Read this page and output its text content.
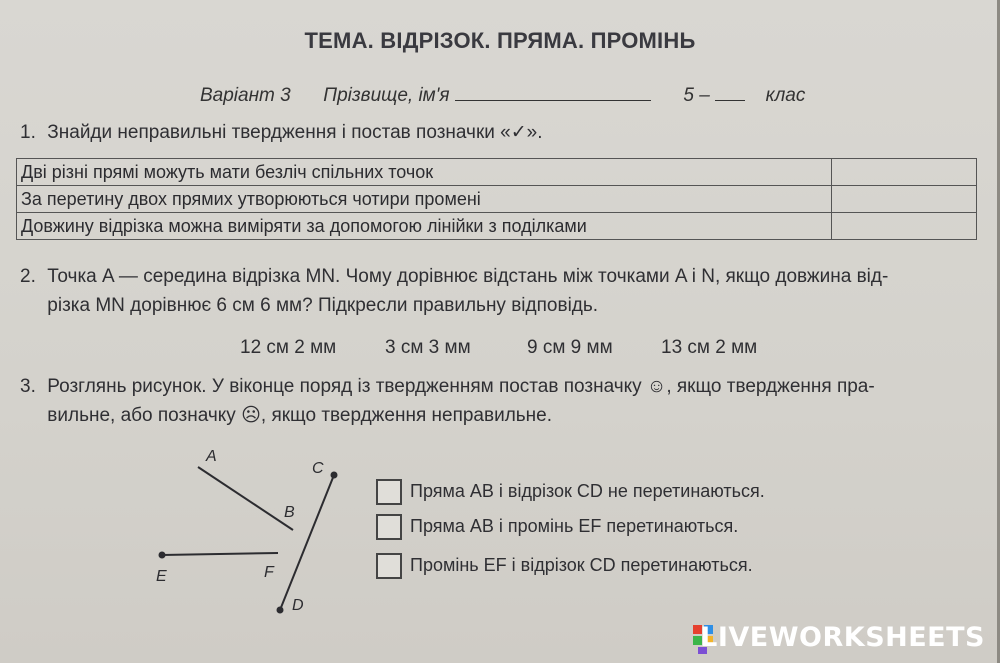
ТЕМА. ВІДРІЗОК. ПРЯМА. ПРОМІНЬ
Варіант 3 Прізвище, ім'я	5 –	клас
1. Знайди неправильні твердження і постав позначки «✓».
Дві різні прямі можуть мати безліч спільних точок	
За перетину двох прямих утворюються чотири промені	
Довжину відрізка можна виміряти за допомогою лінійки з поділками	
2. Точка A — середина відрізка MN. Чому дорівнює відстань між точками A і N, якщо довжина від-
різка MN дорівнює 6 см 6 мм? Підкресли правильну відповідь.
12 см 2 мм	3 см 3 мм	9 см 9 мм	13 см 2 мм
3. Розглянь рисунок. У віконце поряд із твердженням постав позначку ☺, якщо твердження пра-
вильне, або позначку ☹, якщо твердження неправильне.
A
B
C
D
E	F
Пряма AB і відрізок CD не перетинаються.
Пряма AB і промінь EF перетинаються.
Промінь EF і відрізок CD перетинаються.
LIVEWORKSHEETS
